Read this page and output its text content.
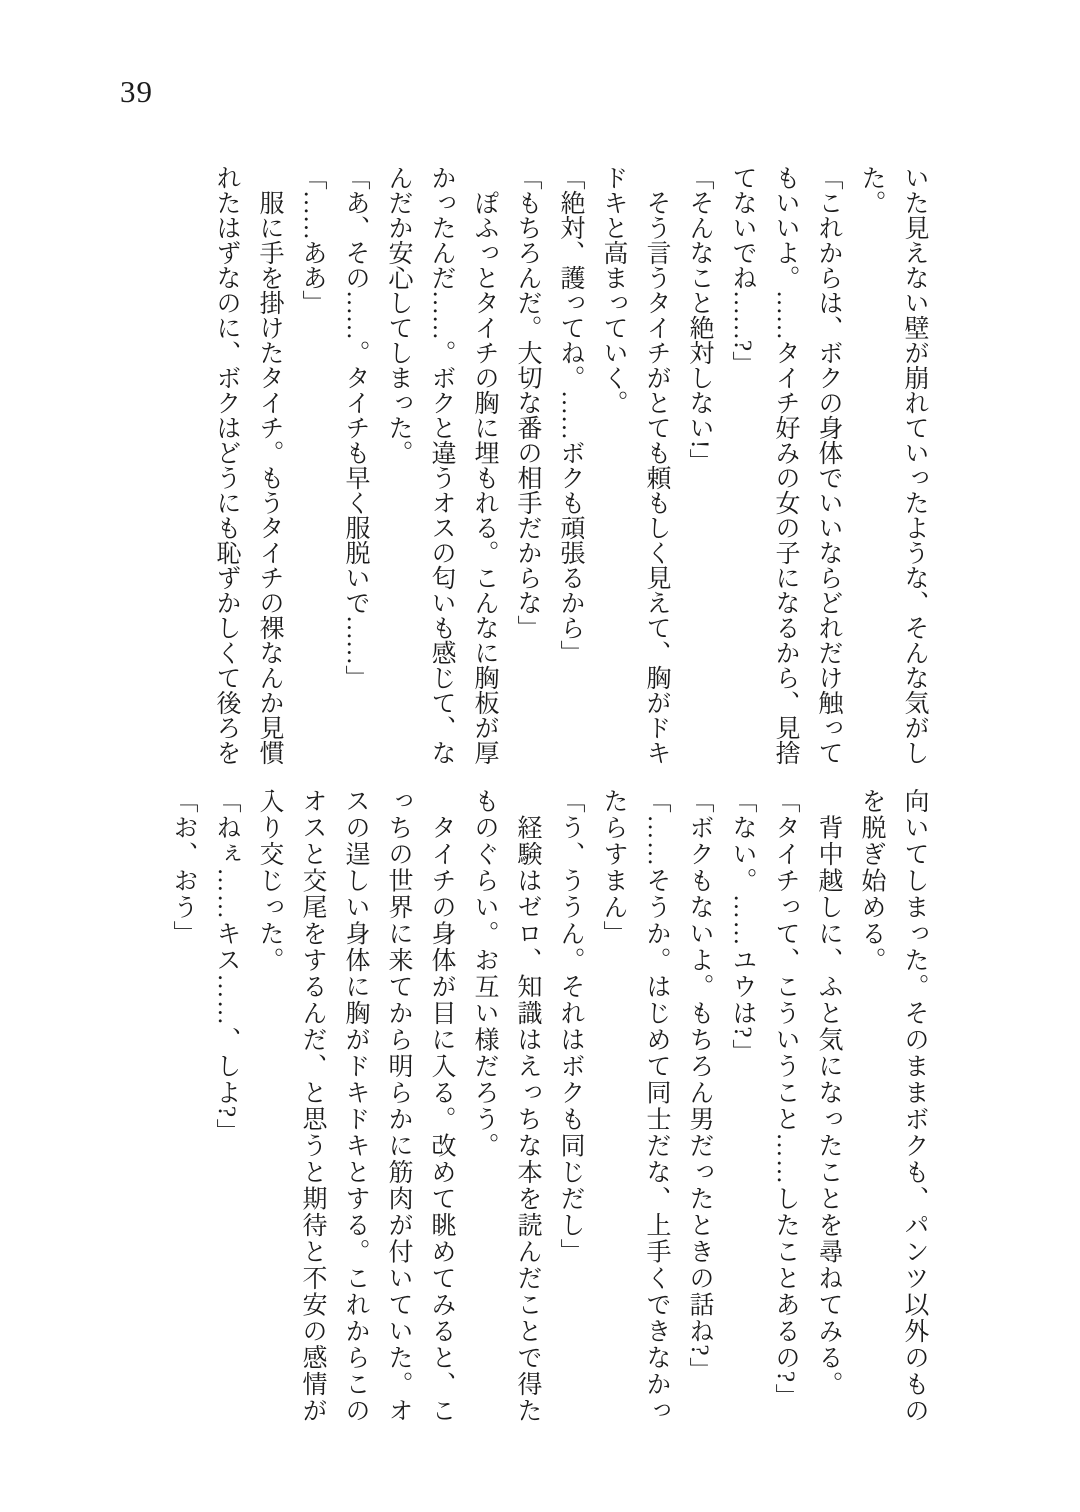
39

いた見えない壁が崩れていったような、そんな気がし

た。

「これからは、ボクの身体でいいならどれだけ触って

もいいよ。……タイチ好みの女の子になるから、見捨

てないでね……?」

「そんなこと絶対しない!」

　そう言うタイチがとても頼もしく見えて、胸がドキ

ドキと高まっていく。

「絶対、護ってね。……ボクも頑張るから」

「もちろんだ。大切な番の相手だからな」

　ぽふっとタイチの胸に埋もれる。こんなに胸板が厚

かったんだ……。ボクと違うオスの匂いも感じて、な

んだか安心してしまった。

「あ、その……。タイチも早く服脱いで……」

「……ああ」

　服に手を掛けたタイチ。もうタイチの裸なんか見慣

れたはずなのに、ボクはどうにも恥ずかしくて後ろを

向いてしまった。そのままボクも、パンツ以外のもの

を脱ぎ始める。

　背中越しに、ふと気になったことを尋ねてみる。

「タイチって、こういうこと……したことあるの?」

「ない。……ユウは?」

「ボクもないよ。もちろん男だったときの話ね?」

「……そうか。はじめて同士だな、上手くできなかっ

たらすまん」

「う、ううん。それはボクも同じだし」

　経験はゼロ、知識はえっちな本を読んだことで得た

ものぐらい。お互い様だろう。

　タイチの身体が目に入る。改めて眺めてみると、こ

っちの世界に来てから明らかに筋肉が付いていた。オ

スの逞しい身体に胸がドキドキとする。これからこの

オスと交尾をするんだ、と思うと期待と不安の感情が

入り交じった。

「ねぇ……キス……、しよ?」

「お、おう」
